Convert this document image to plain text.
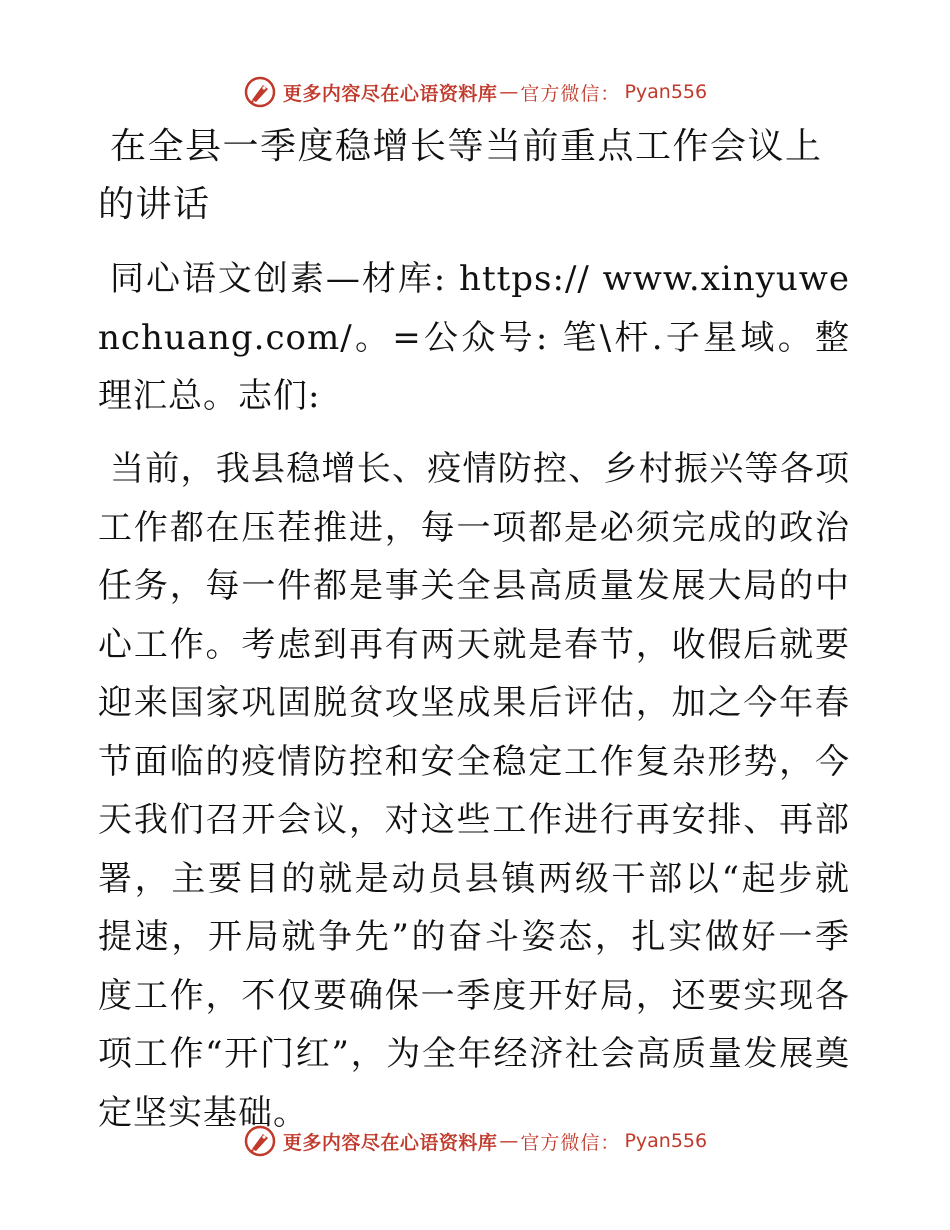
更多内容尽在心语资料库 — 官方微信： Pyan556
在全县一季度稳增长等当前重点工作会议上的讲话

同心语文创素—材库: https:// www.xinyuwenchuang.com/。=公众号: 笔\杆.子星域。整理汇总。志们:

当前，我县稳增长、疫情防控、乡村振兴等各项工作都在压茬推进，每一项都是必须完成的政治任务，每一件都是事关全县高质量发展大局的中心工作。考虑到再有两天就是春节，收假后就要迎来国家巩固脱贫攻坚成果后评估，加之今年春节面临的疫情防控和安全稳定工作复杂形势，今天我们召开会议，对这些工作进行再安排、再部署，主要目的就是动员县镇两级干部以“起步就提速，开局就争先”的奋斗姿态，扎实做好一季度工作，不仅要确保一季度开好局，还要实现各项工作“开门红”，为全年经济社会高质量发展奠定坚实基础。

更多内容尽在心语资料库 — 官方微信： Pyan556
